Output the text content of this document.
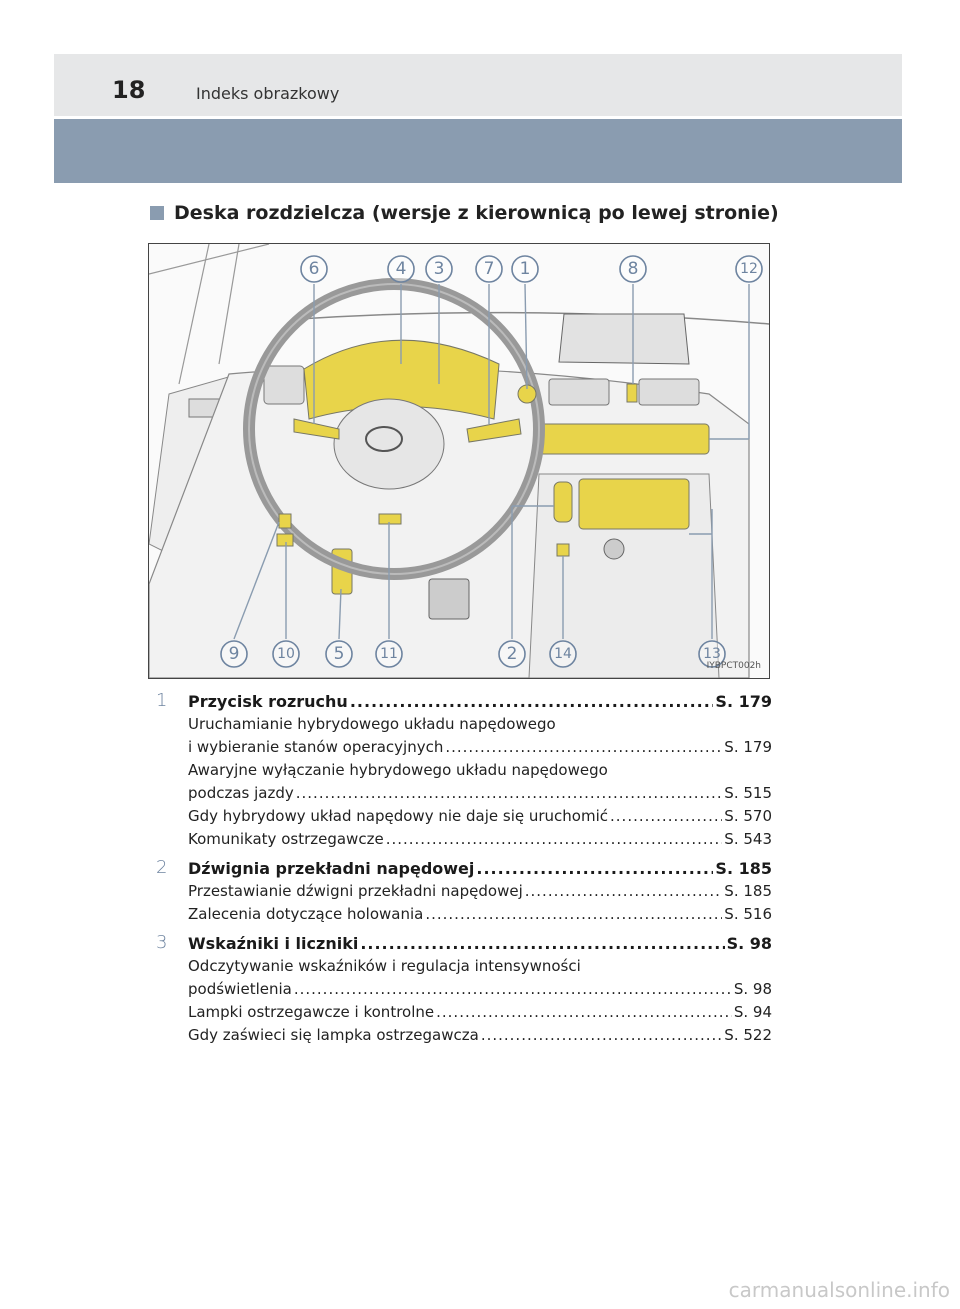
18	Indeks obrazkowy
Deska rozdzielcza (wersje z kierownicą po lewej stronie)
6	4 3 7 1	8	12
9	10 5	11	2	14	13
IYBPCT002h
1	Przycisk rozruchu .....	S. 179
Uruchamianie hybrydowego układu napędowego
i wybieranie stanów operacyjnych .....	S. 179
Awaryjne wyłączanie hybrydowego układu napędowego
podczas jazdy .....	S. 515
Gdy hybrydowy układ napędowy nie daje się uruchomić .....	S. 570
Komunikaty ostrzegawcze .....	S. 543
2	Dźwignia przekładni napędowej .....	S. 185
Przestawianie dźwigni przekładni napędowej .....	S. 185
Zalecenia dotyczące holowania .....	S. 516
3	Wskaźniki i liczniki .....	S. 98
Odczytywanie wskaźników i regulacja intensywności
podświetlenia .....	S. 98
Lampki ostrzegawcze i kontrolne .....	S. 94
Gdy zaświeci się lampka ostrzegawcza .....	S. 522
carmanualsonline.info
